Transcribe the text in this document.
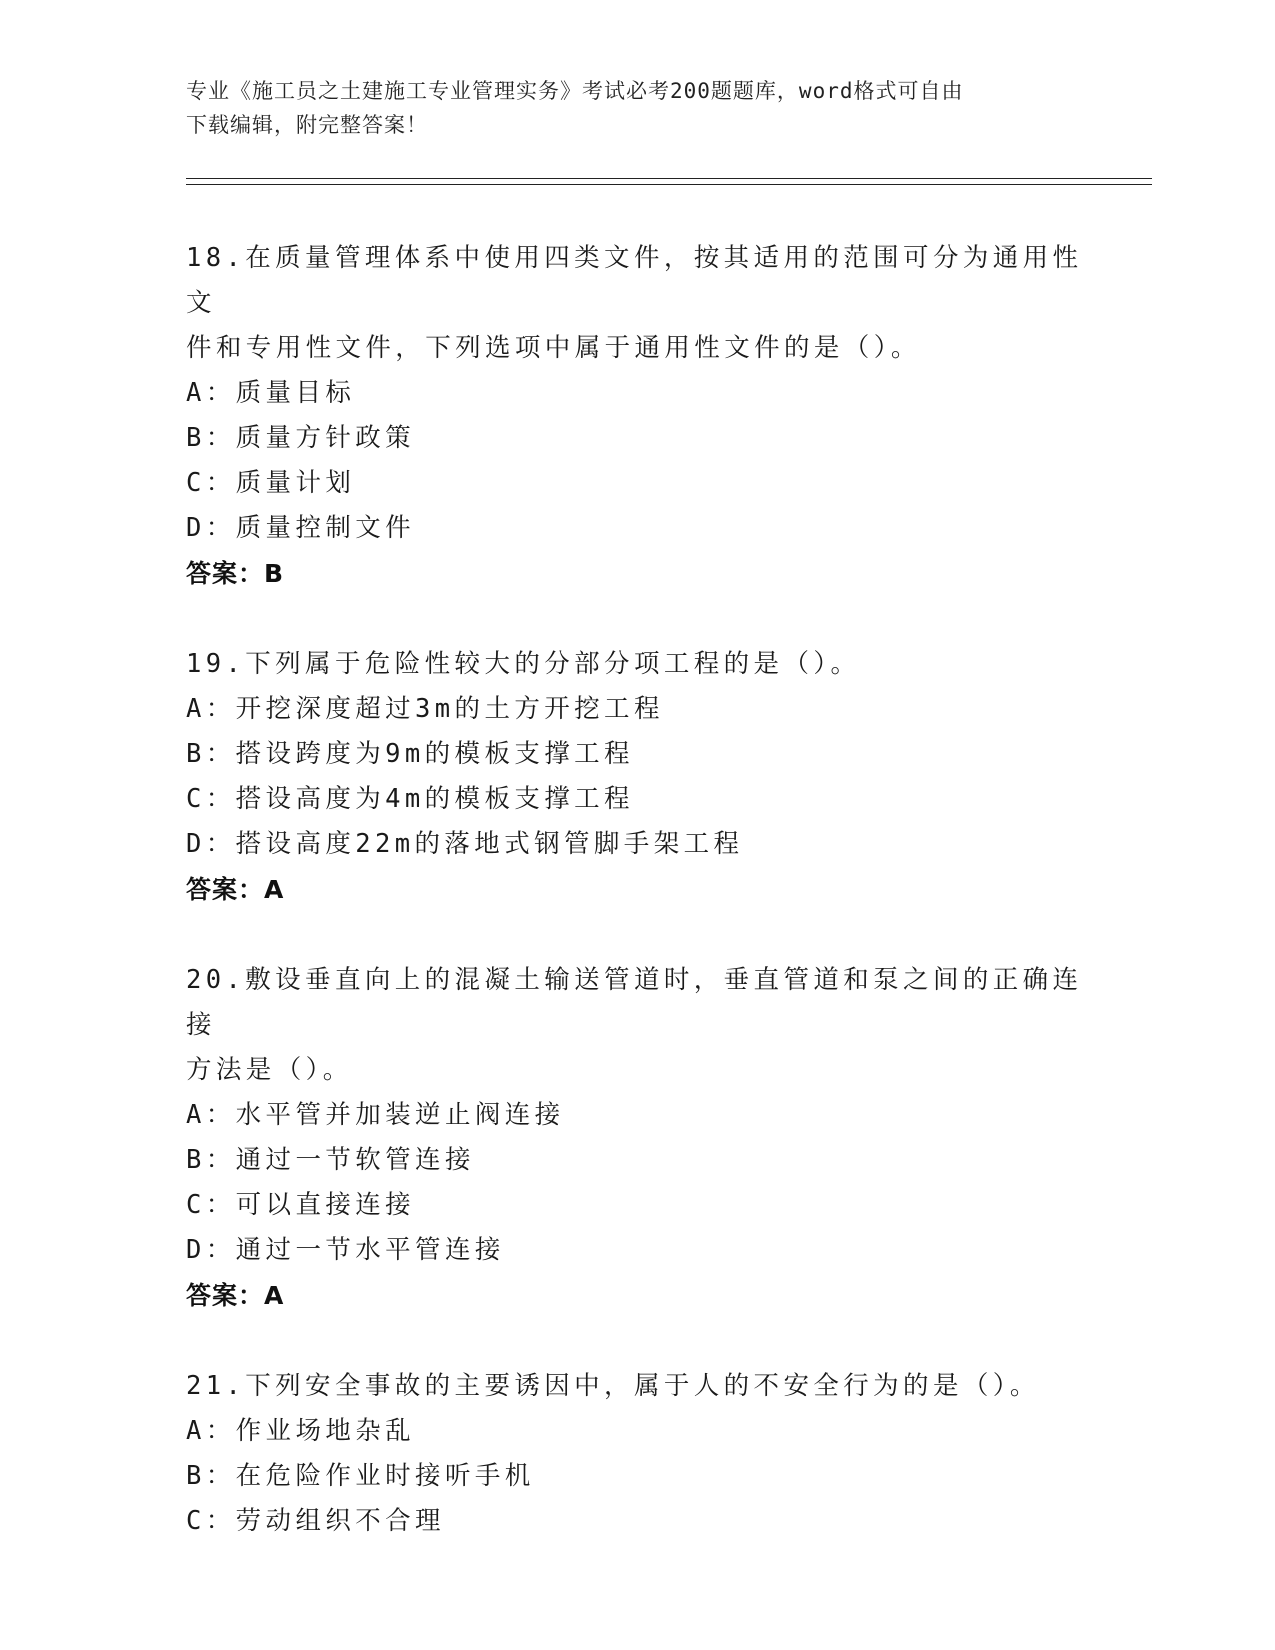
专业《施工员之土建施工专业管理实务》考试必考200题题库，word格式可自由
下载编辑，附完整答案！

18.在质量管理体系中使用四类文件，按其适用的范围可分为通用性文

件和专用性文件，下列选项中属于通用性文件的是（）。

A：质量目标

B：质量方针政策

C：质量计划

D：质量控制文件

答案：B

19.下列属于危险性较大的分部分项工程的是（）。

A：开挖深度超过3m的土方开挖工程

B：搭设跨度为9m的模板支撑工程

C：搭设高度为4m的模板支撑工程

D：搭设高度22m的落地式钢管脚手架工程

答案：A

20.敷设垂直向上的混凝土输送管道时，垂直管道和泵之间的正确连接

方法是（）。

A：水平管并加装逆止阀连接

B：通过一节软管连接

C：可以直接连接

D：通过一节水平管连接

答案：A

21.下列安全事故的主要诱因中，属于人的不安全行为的是（）。

A：作业场地杂乱

B：在危险作业时接听手机

C：劳动组织不合理
